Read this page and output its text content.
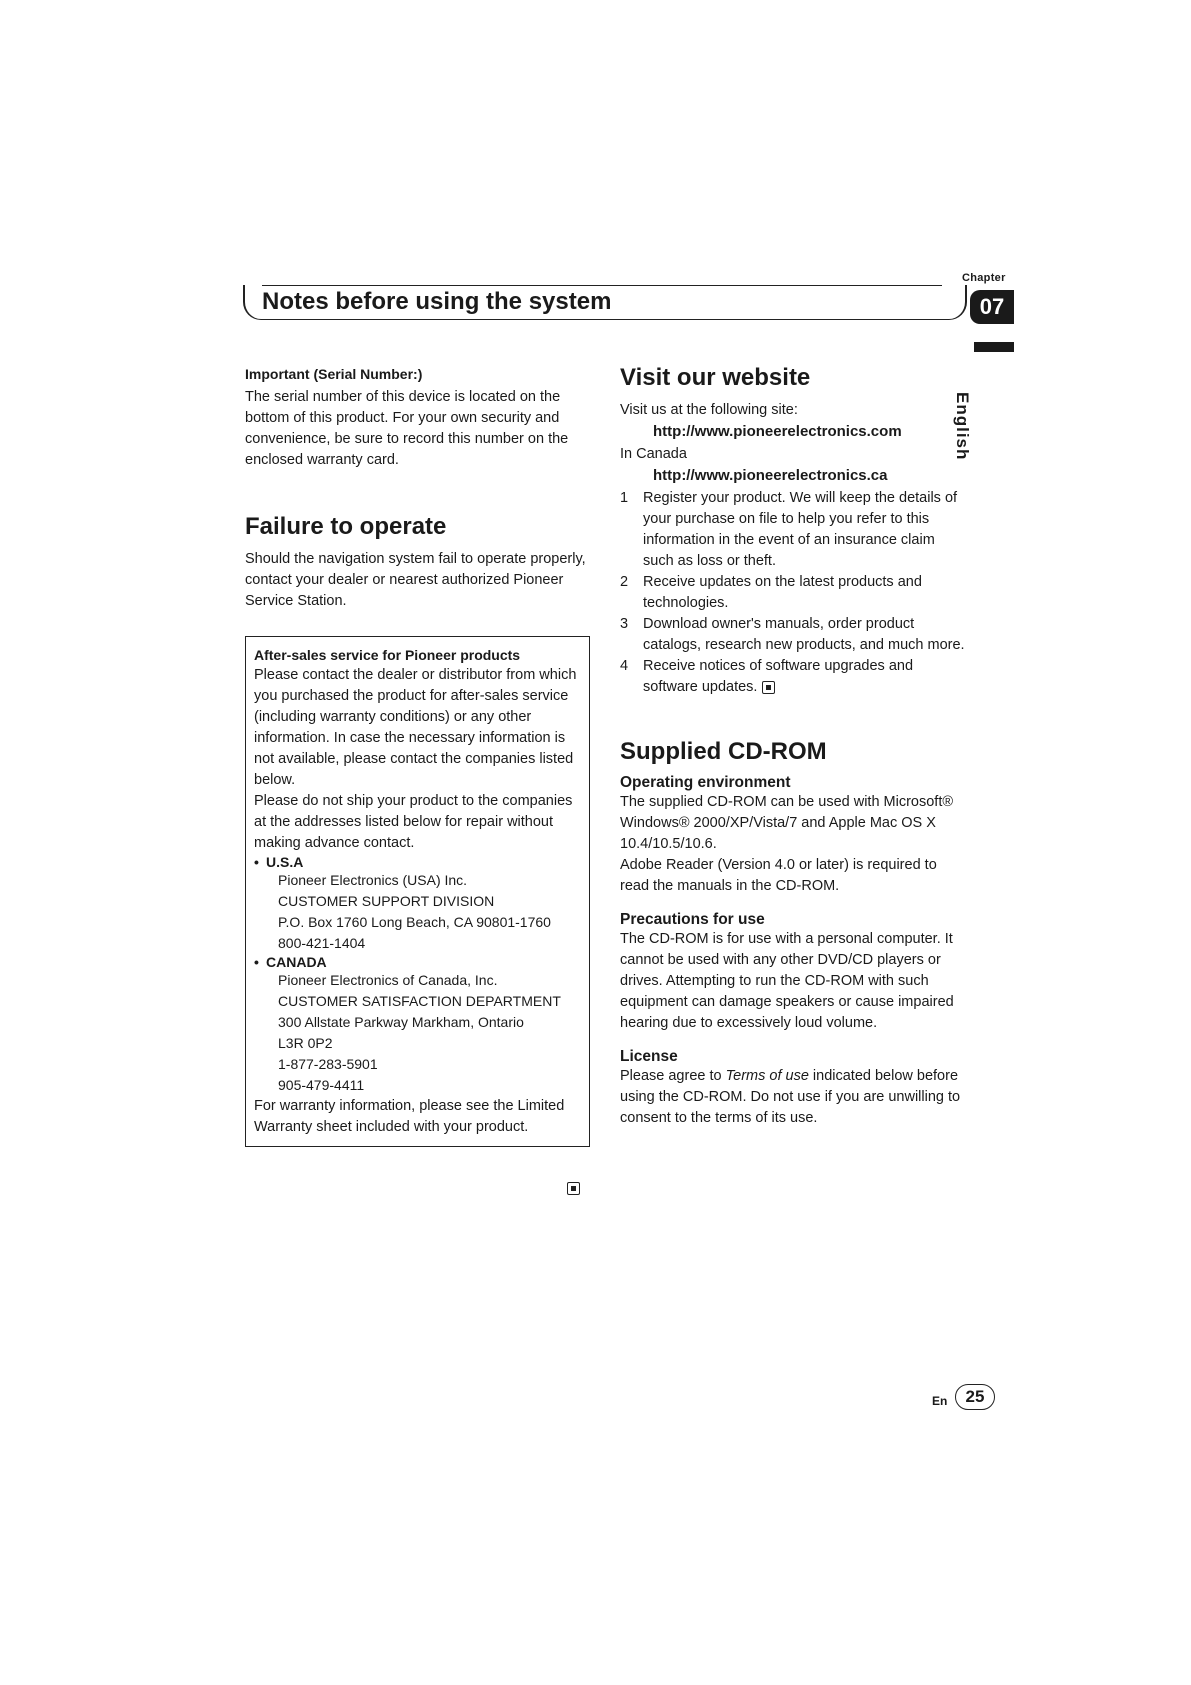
Chapter
Notes before using the system	07
English

Important (Serial Number:)

The serial number of this device is located on the bottom of this product. For your own security and convenience, be sure to record this number on the enclosed warranty card.

Failure to operate

Should the navigation system fail to operate properly, contact your dealer or nearest authorized Pioneer Service Station.

After-sales service for Pioneer products

Please contact the dealer or distributor from which you purchased the product for after-sales service (including warranty conditions) or any other information. In case the necessary information is not available, please contact the companies listed below.

Please do not ship your product to the companies at the addresses listed below for repair without making advance contact.

• U.S.A

Pioneer Electronics (USA) Inc.
CUSTOMER SUPPORT DIVISION
P.O. Box 1760 Long Beach, CA 90801-1760
800-421-1404

• CANADA

Pioneer Electronics of Canada, Inc.
CUSTOMER SATISFACTION DEPARTMENT
300 Allstate Parkway Markham, Ontario
L3R 0P2
1-877-283-5901
905-479-4411

For warranty information, please see the Limited Warranty sheet included with your product.

Visit our website

Visit us at the following site:

http://www.pioneerelectronics.com

In Canada

http://www.pioneerelectronics.ca

1 Register your product. We will keep the details of your purchase on file to help you refer to this information in the event of an insurance claim such as loss or theft.
2 Receive updates on the latest products and technologies.
3 Download owner's manuals, order product catalogs, research new products, and much more.
4 Receive notices of software upgrades and software updates.
Supplied CD-ROM

Operating environment

The supplied CD-ROM can be used with Microsoft® Windows® 2000/XP/Vista/7 and Apple Mac OS X 10.4/10.5/10.6.

Adobe Reader (Version 4.0 or later) is required to read the manuals in the CD-ROM.

Precautions for use

The CD-ROM is for use with a personal computer. It cannot be used with any other DVD/CD players or drives. Attempting to run the CD-ROM with such equipment can damage speakers or cause impaired hearing due to excessively loud volume.

License

Please agree to Terms of use indicated below before using the CD-ROM. Do not use if you are unwilling to consent to the terms of its use.

En	25
